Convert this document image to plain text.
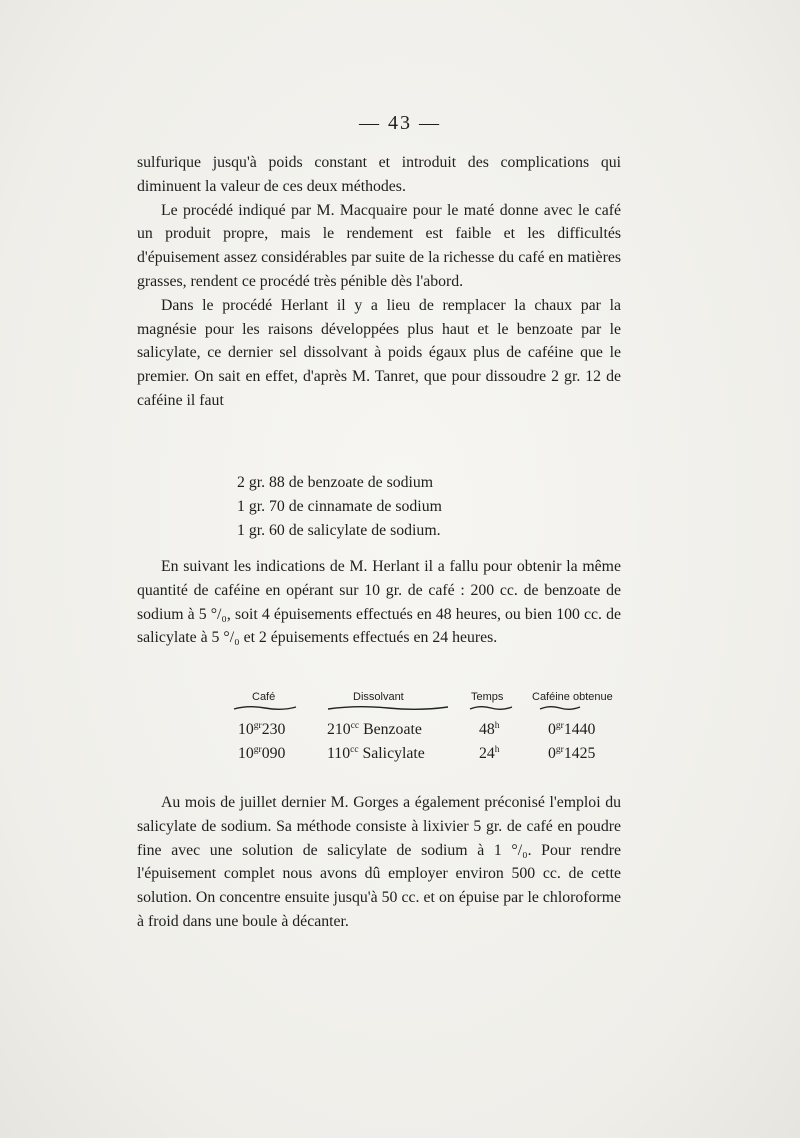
— 43 —

sulfurique jusqu'à poids constant et introduit des complications qui diminuent la valeur de ces deux méthodes.

Le procédé indiqué par M. Macquaire pour le maté donne avec le café un produit propre, mais le rendement est faible et les difficultés d'épuisement assez considérables par suite de la richesse du café en matières grasses, rendent ce procédé très pénible dès l'abord.

Dans le procédé Herlant il y a lieu de remplacer la chaux par la magnésie pour les raisons développées plus haut et le benzoate par le salicylate, ce dernier sel dissolvant à poids égaux plus de caféine que le premier. On sait en effet, d'après M. Tanret, que pour dissoudre 2 gr. 12 de caféine il faut

2 gr. 88 de benzoate de sodium
1 gr. 70 de cinnamate de sodium
1 gr. 60 de salicylate de sodium.

En suivant les indications de M. Herlant il a fallu pour obtenir la même quantité de caféine en opérant sur 10 gr. de café : 200 cc. de benzoate de sodium à 5 °/₀, soit 4 épuisements effectués en 48 heures, ou bien 100 cc. de salicylate à 5 °/₀ et 2 épuisements effectués en 24 heures.

Café	Dissolvant	Temps	Caféine obtenue
$10^{gr}230$	$210^{cc}$ Benzoate	48$^h$	$0^{gr}1440$
$10^{gr}090$	$110^{cc}$ Salicylate	24$^h$	$0^{gr}1425$

Au mois de juillet dernier M. Gorges a également préconisé l'emploi du salicylate de sodium. Sa méthode consiste à lixivier 5 gr. de café en poudre fine avec une solution de salicylate de sodium à 1 °/₀. Pour rendre l'épuisement complet nous avons dû employer environ 500 cc. de cette solution. On concentre ensuite jusqu'à 50 cc. et on épuise par le chloroforme à froid dans une boule à décanter.
